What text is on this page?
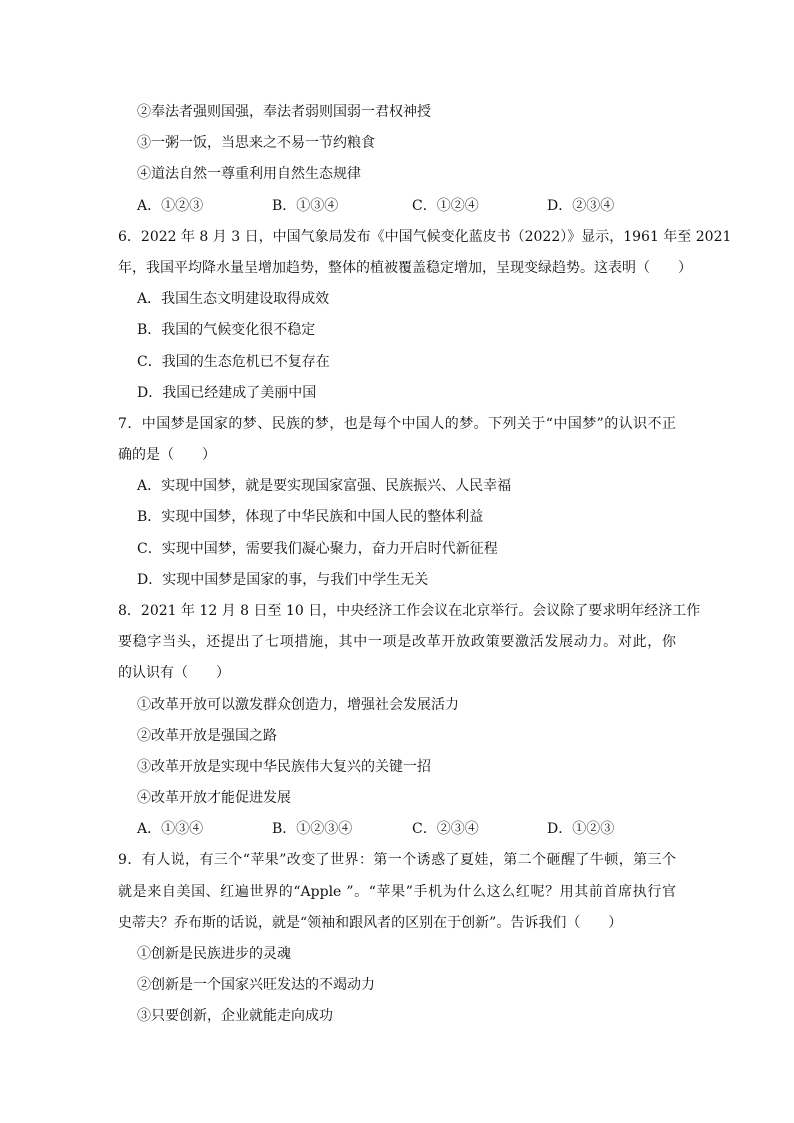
②奉法者强则国强，奉法者弱则国弱一君权神授
③一粥一饭，当思来之不易一节约粮食
④道法自然一尊重利用自然生态规律
A．①②③	B．①③④	C．①②④	D．②③④
6．2022 年 8 月 3 日，中国气象局发布《中国气候变化蓝皮书（2022）》显示，1961 年至 2021
年，我国平均降水量呈增加趋势，整体的植被覆盖稳定增加，呈现变绿趋势。这表明（　　）
A．我国生态文明建设取得成效
B．我国的气候变化很不稳定
C．我国的生态危机已不复存在
D．我国已经建成了美丽中国
7．中国梦是国家的梦、民族的梦，也是每个中国人的梦。下列关于“中国梦”的认识不正
确的是（　　）
A．实现中国梦，就是要实现国家富强、民族振兴、人民幸福
B．实现中国梦，体现了中华民族和中国人民的整体利益
C．实现中国梦，需要我们凝心聚力，奋力开启时代新征程
D．实现中国梦是国家的事，与我们中学生无关
8．2021 年 12 月 8 日至 10 日，中央经济工作会议在北京举行。会议除了要求明年经济工作
要稳字当头，还提出了七项措施，其中一项是改革开放政策要激活发展动力。对此，你
的认识有（　　）
①改革开放可以激发群众创造力，增强社会发展活力
②改革开放是强国之路
③改革开放是实现中华民族伟大复兴的关键一招
④改革开放才能促进发展
A．①③④	B．①②③④	C．②③④	D．①②③
9．有人说，有三个“苹果”改变了世界：第一个诱惑了夏娃，第二个砸醒了牛顿，第三个
就是来自美国、红遍世界的“Apple ”。“苹果”手机为什么这么红呢？用其前首席执行官
史蒂夫？乔布斯的话说，就是“领袖和跟风者的区别在于创新”。告诉我们（　　）
①创新是民族进步的灵魂
②创新是一个国家兴旺发达的不竭动力
③只要创新，企业就能走向成功
